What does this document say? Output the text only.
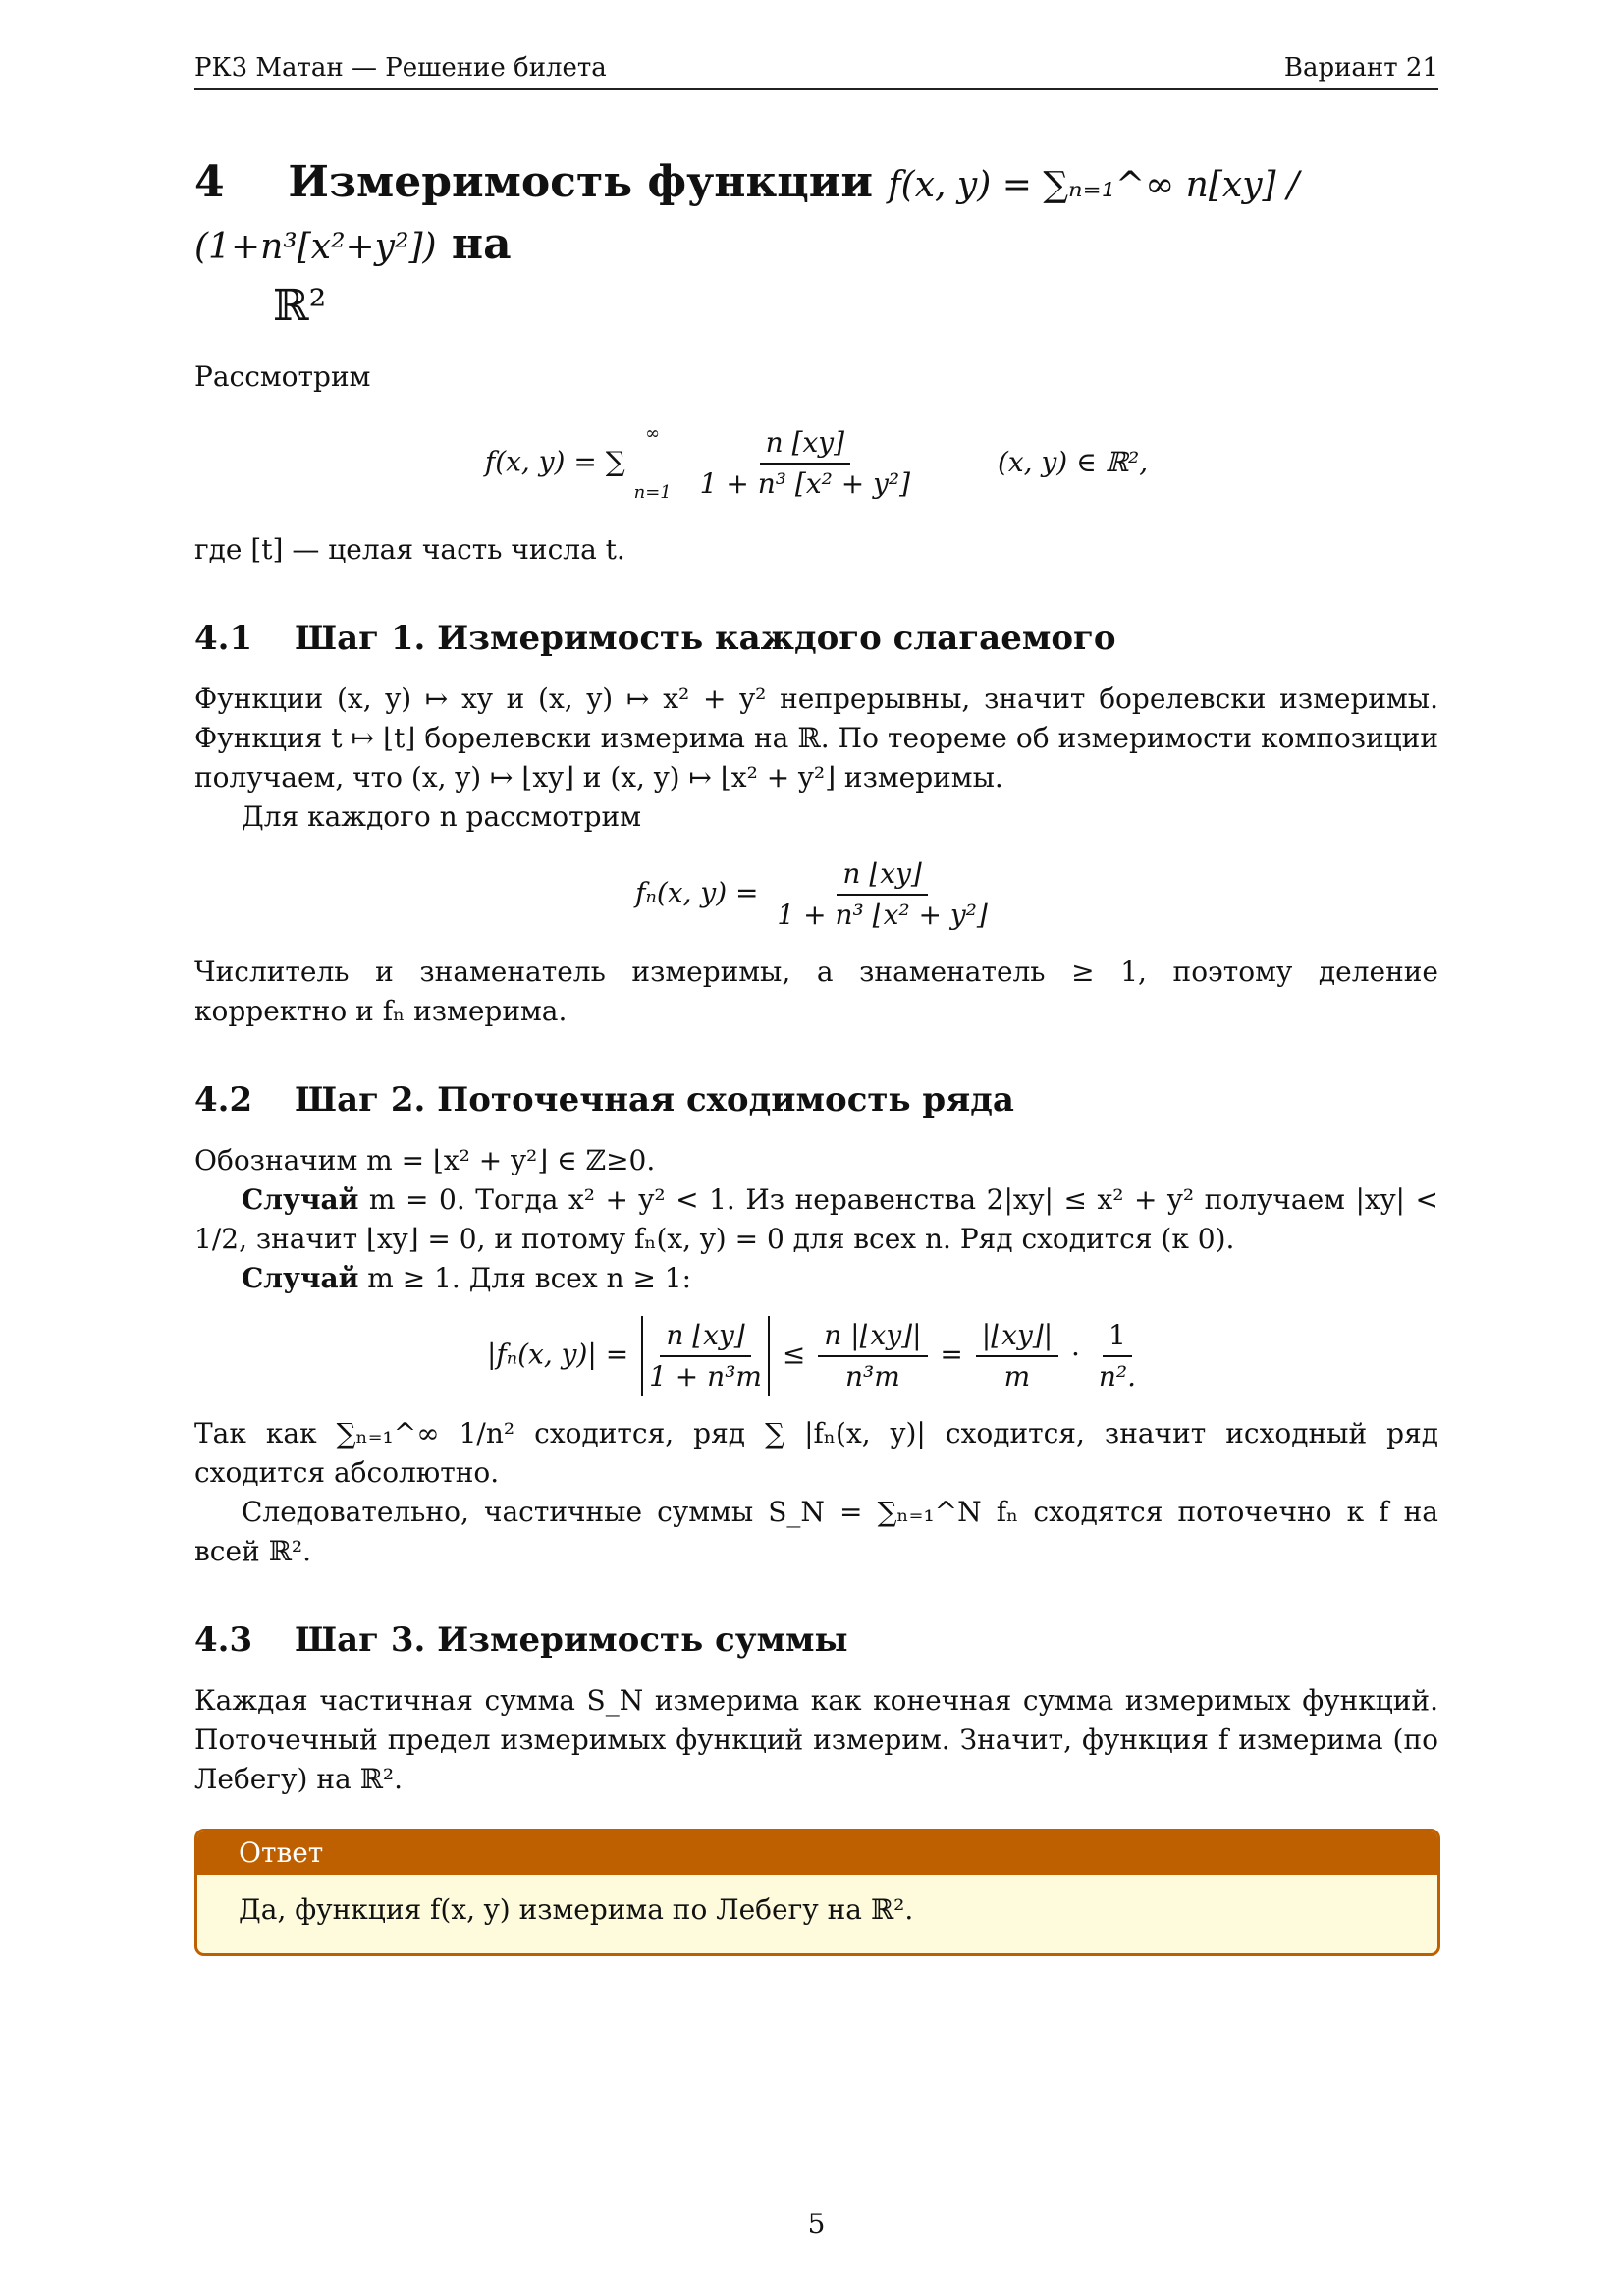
РК3 Матан — Решение билета	Вариант 21
4 Измеримость функции f(x, y) = ∑ₙ₌₁^∞ n[xy] / (1+n³[x²+y²]) на
ℝ²
Рассмотрим
f(x, y) = ∑
∞
n=1
$\frac{n [xy]}{\text{1 + n³ [x² + y²]}}$	(x, y) ∈ ℝ²,
где [t] — целая часть числа t.
4.1 Шаг 1. Измеримость каждого слагаемого
Функции (x, y) ↦ xy и (x, y) ↦ x² + y² непрерывны, значит борелевски измеримы. Функция t ↦ ⌊t⌋ борелевски измерима на ℝ. По теореме об измеримости композиции получаем, что (x, y) ↦ ⌊xy⌋ и (x, y) ↦ ⌊x² + y²⌋ измеримы.
Для каждого n рассмотрим
fₙ(x, $y) = \frac{n ⌊xy⌋}{\text{1 + n³ ⌊x² + y²⌋}}$
Числитель и знаменатель измеримы, а знаменатель ≥ 1, поэтому деление корректно и fₙ измерима.
4.2 Шаг 2. Поточечная сходимость ряда
Обозначим m = ⌊x² + y²⌋ ∈ ℤ≥0.
Случай m = 0. Тогда x² + y² < 1. Из неравенства 2|xy| ≤ x² + y² получаем |xy| < 1/2, значит ⌊xy⌋ = 0, и потому fₙ(x, y) = 0 для всех n. Ряд сходится (к 0).
Случай m ≥ 1. Для всех n ≥ 1:
|fₙ(x, $y)| = \frac{n ⌊xy⌋}{\text{1 + n³m}} \le \frac{n |⌊xy⌋|}{\text{n³m}} = \frac{|⌊xy⌋|}{m} \cdot \frac{1}{\text{n².}}$
Так как ∑ₙ₌₁^∞ 1/n² сходится, ряд ∑ |fₙ(x, y)| сходится, значит исходный ряд сходится абсолютно.
Следовательно, частичные суммы S_N = ∑ₙ₌₁^N fₙ сходятся поточечно к f на всей ℝ².
4.3 Шаг 3. Измеримость суммы
Каждая частичная сумма S_N измерима как конечная сумма измеримых функций. Поточечный предел измеримых функций измерим. Значит, функция f измерима (по Лебегу) на ℝ².
Ответ
Да, функция f(x, y) измерима по Лебегу на ℝ².
5
